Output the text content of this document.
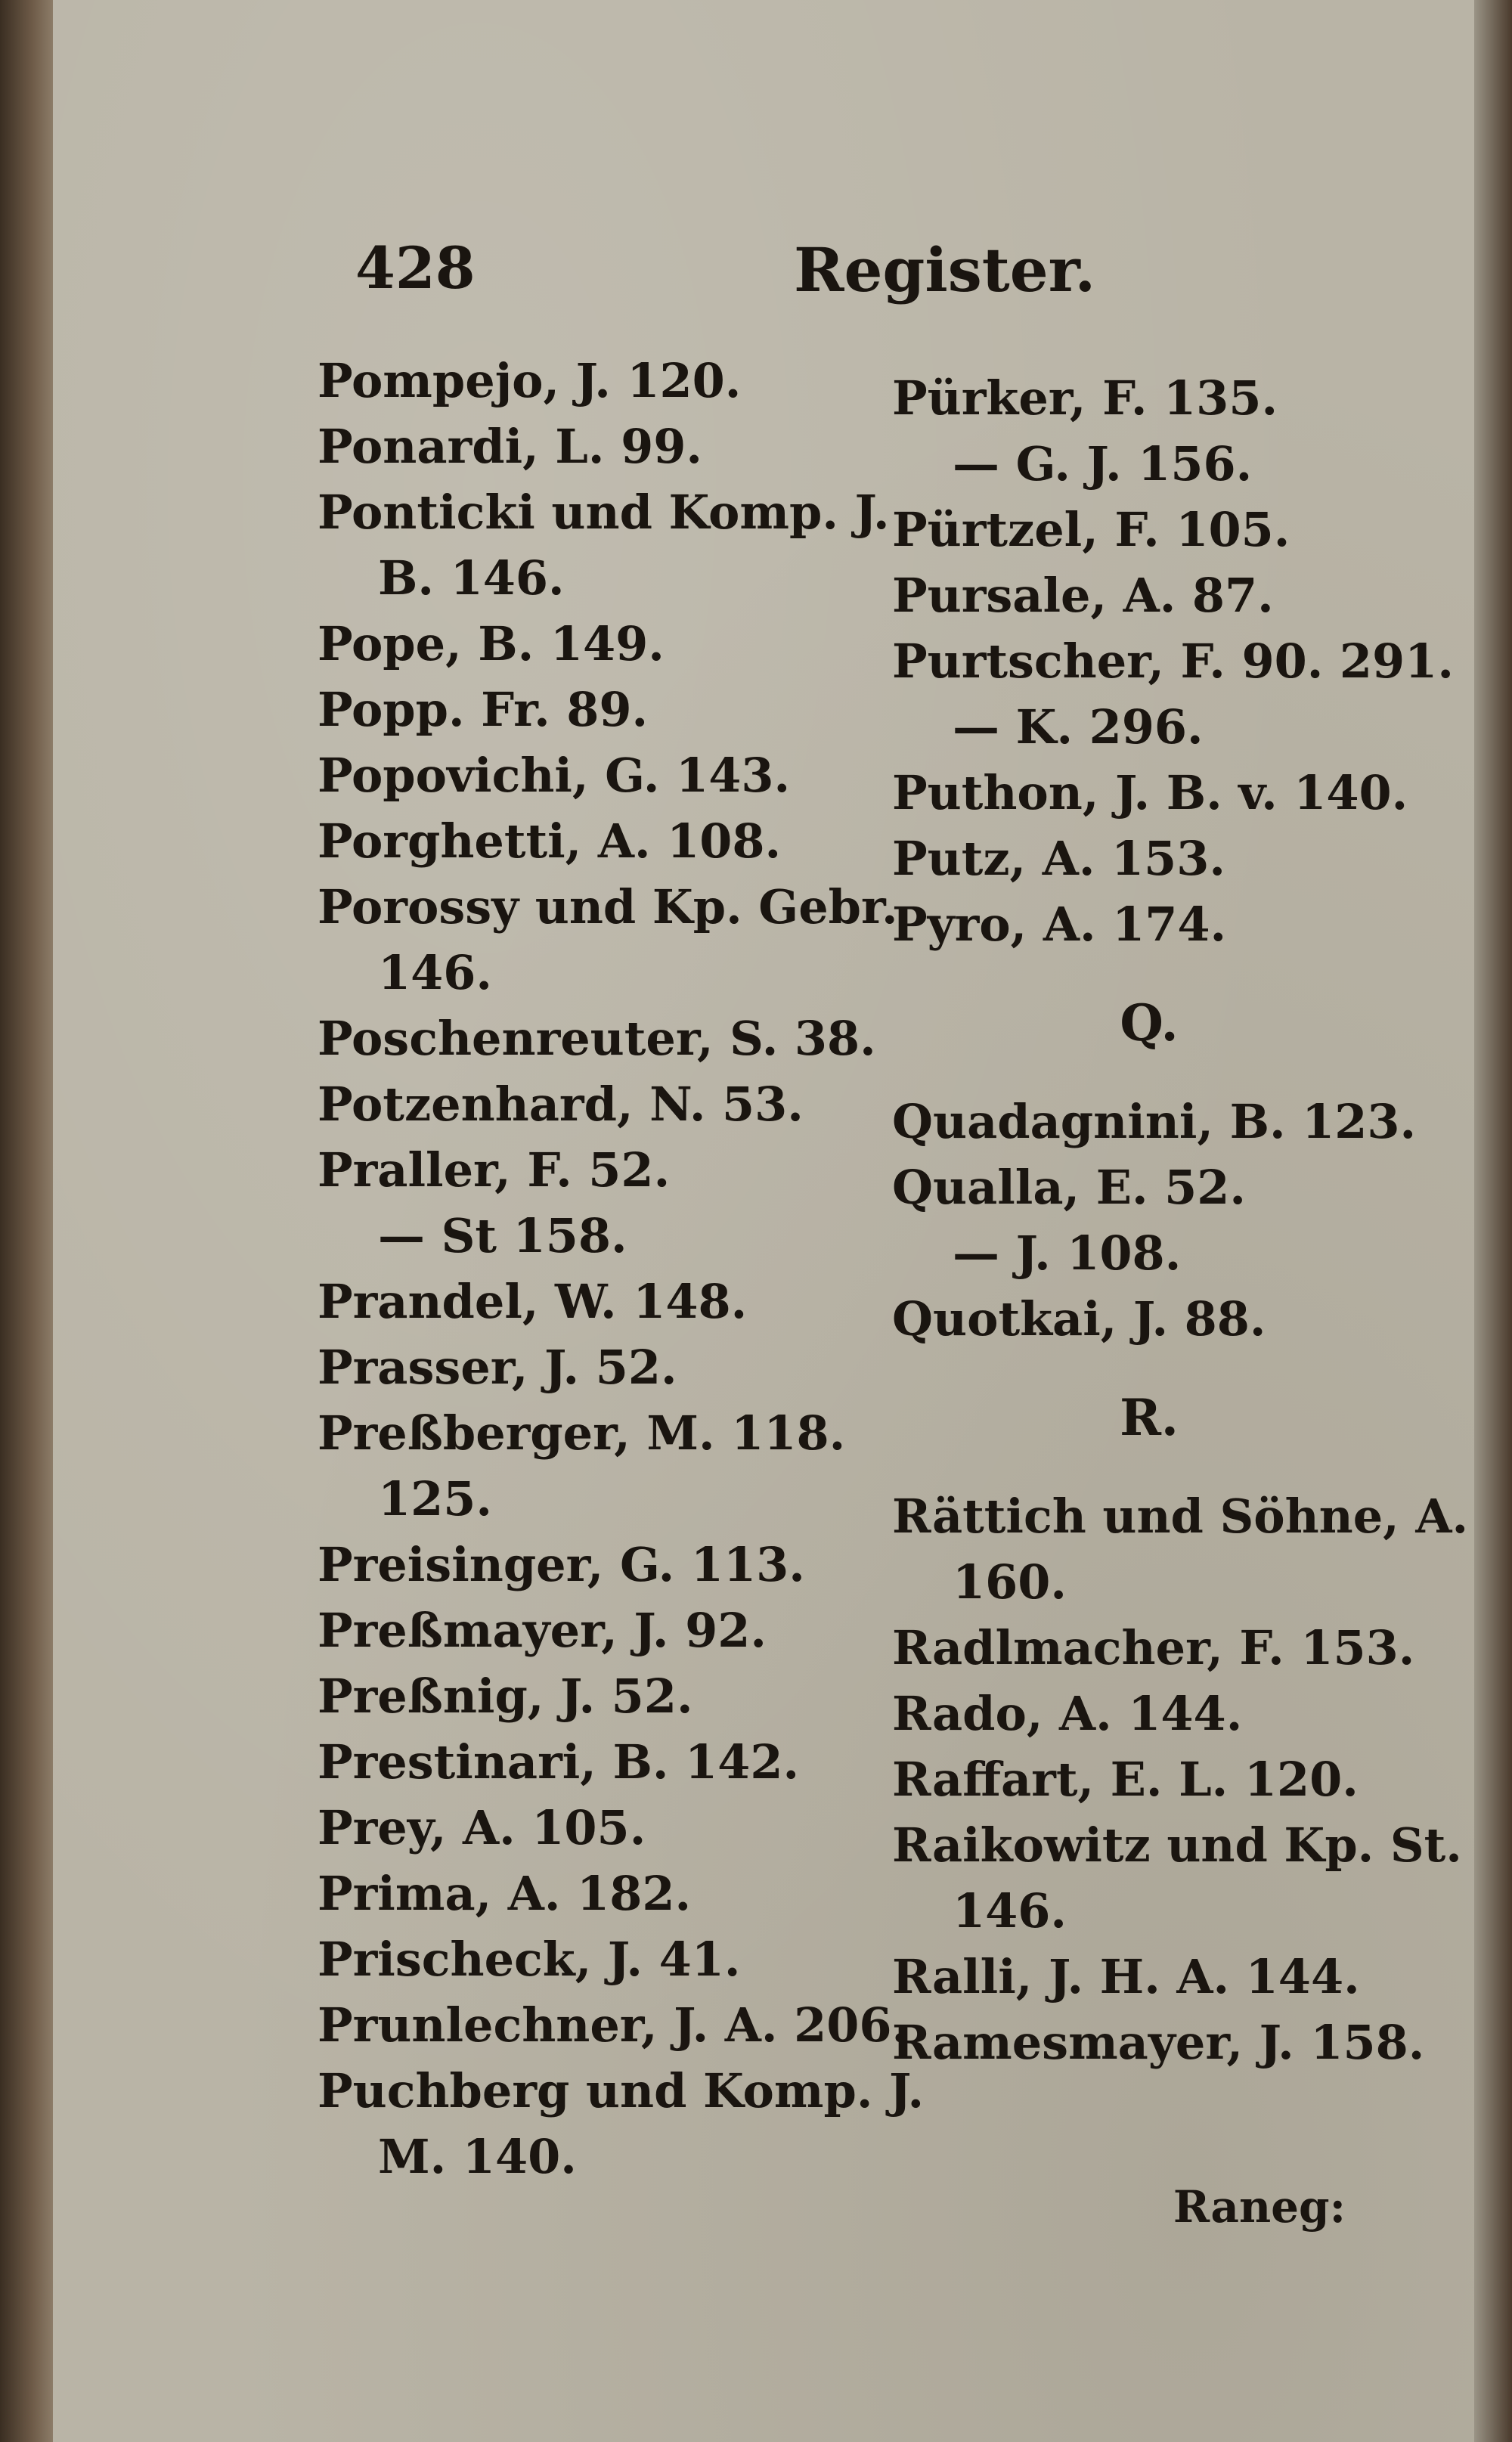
428	Register.
Pompejo, J. 120.
Ponardi, L. 99.
Ponticki und Komp. J.
B. 146.
Pope, B. 149.
Popp. Fr. 89.
Popovichi, G. 143.
Porghetti, A. 108.
Porossy und Kp. Gebr.
146.
Poschenreuter, S. 38.
Potzenhard, N. 53.
Praller, F. 52.
— St 158.
Prandel, W. 148.
Prasser, J. 52.
Preßberger, M. 118.
125.
Preisinger, G. 113.
Preßmayer, J. 92.
Preßnig, J. 52.
Prestinari, B. 142.
Prey, A. 105.
Prima, A. 182.
Prischeck, J. 41.
Prunlechner, J. A. 206.
Puchberg und Komp. J.
M. 140.
Pürker, F. 135.
— G. J. 156.
Pürtzel, F. 105.
Pursale, A. 87.
Purtscher, F. 90. 291.
— K. 296.
Puthon, J. B. v. 140.
Putz, A. 153.
Pyro, A. 174.
Q.
Quadagnini, B. 123.
Qualla, E. 52.
— J. 108.
Quotkai, J. 88.
R.
Rättich und Söhne, A.
160.
Radlmacher, F. 153.
Rado, A. 144.
Raffart, E. L. 120.
Raikowitz und Kp. St.
146.
Ralli, J. H. A. 144.
Ramesmayer, J. 158.
Raneg:
